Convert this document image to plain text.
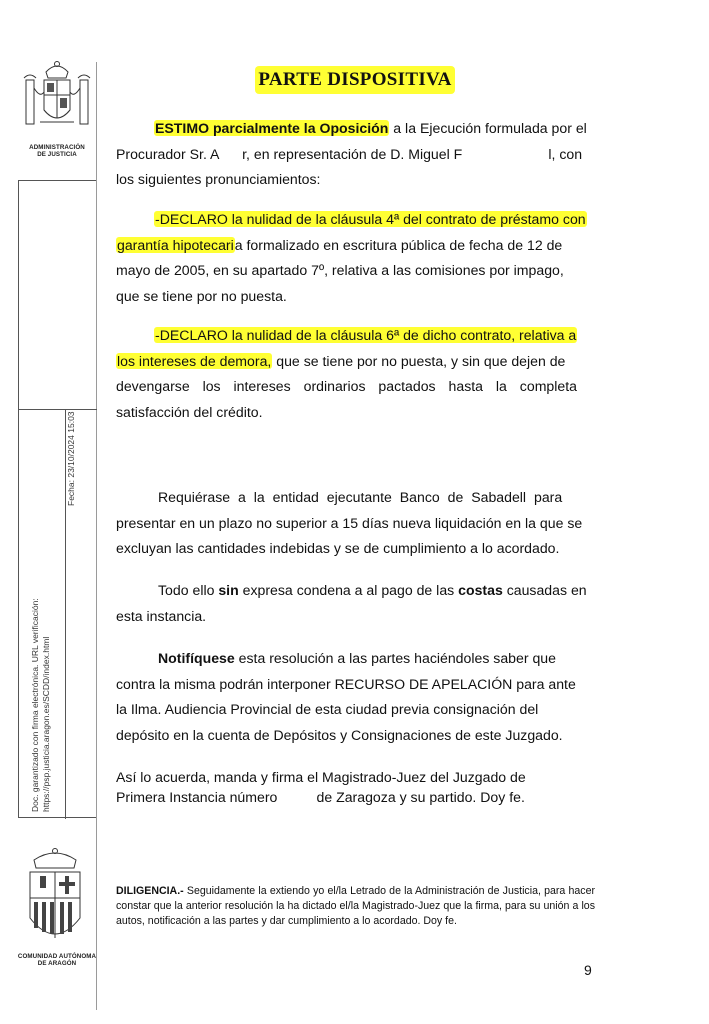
ADMINISTRACIÓN
DE JUSTICIA
Doc. garantizado con firma electrónica. URL verificación: https://psp.justicia.aragon.es/SCDD/index.html
Fecha: 23/10/2024 15:03
COMUNIDAD AUTÓNOMA
DE ARAGÓN
PARTE DISPOSITIVA
ESTIMO parcialmente la Oposición a la Ejecución formulada por el
Procurador Sr. A      r, en representación de D. Miguel F                      l, con
los siguientes pronunciamientos:
-DECLARO la nulidad de la cláusula 4ª del contrato de préstamo con
garantía hipotecaria formalizado en escritura pública de fecha de 12 de
mayo de 2005, en su apartado 7º, relativa a las comisiones por impago,
que se tiene por no puesta.
-DECLARO la nulidad de la cláusula 6ª de dicho contrato, relativa a
los intereses de demora, que se tiene por no puesta, y sin que dejen de
devengarse los intereses ordinarios pactados hasta la completa
satisfacción del crédito.
Requiérase a la entidad ejecutante Banco de Sabadell para
presentar en un plazo no superior a 15 días nueva liquidación en la que se
excluyan las cantidades indebidas y se de cumplimiento a lo acordado.
Todo ello sin expresa condena a al pago de las costas causadas en
esta instancia.
Notifíquese esta resolución a las partes haciéndoles saber que
contra la misma podrán interponer RECURSO DE APELACIÓN para ante
la Ilma. Audiencia Provincial de esta ciudad previa consignación del
depósito en la cuenta de Depósitos y Consignaciones de este Juzgado.
Así lo acuerda, manda y firma el Magistrado-Juez del Juzgado de
Primera Instancia número          de Zaragoza y su partido. Doy fe.
DILIGENCIA.- Seguidamente la extiendo yo el/la Letrado de la Administración de Justicia, para hacer constar que la anterior resolución la ha dictado el/la Magistrado-Juez que la firma, para su unión a los autos, notificación a las partes y dar cumplimiento a lo acordado. Doy fe.
9
